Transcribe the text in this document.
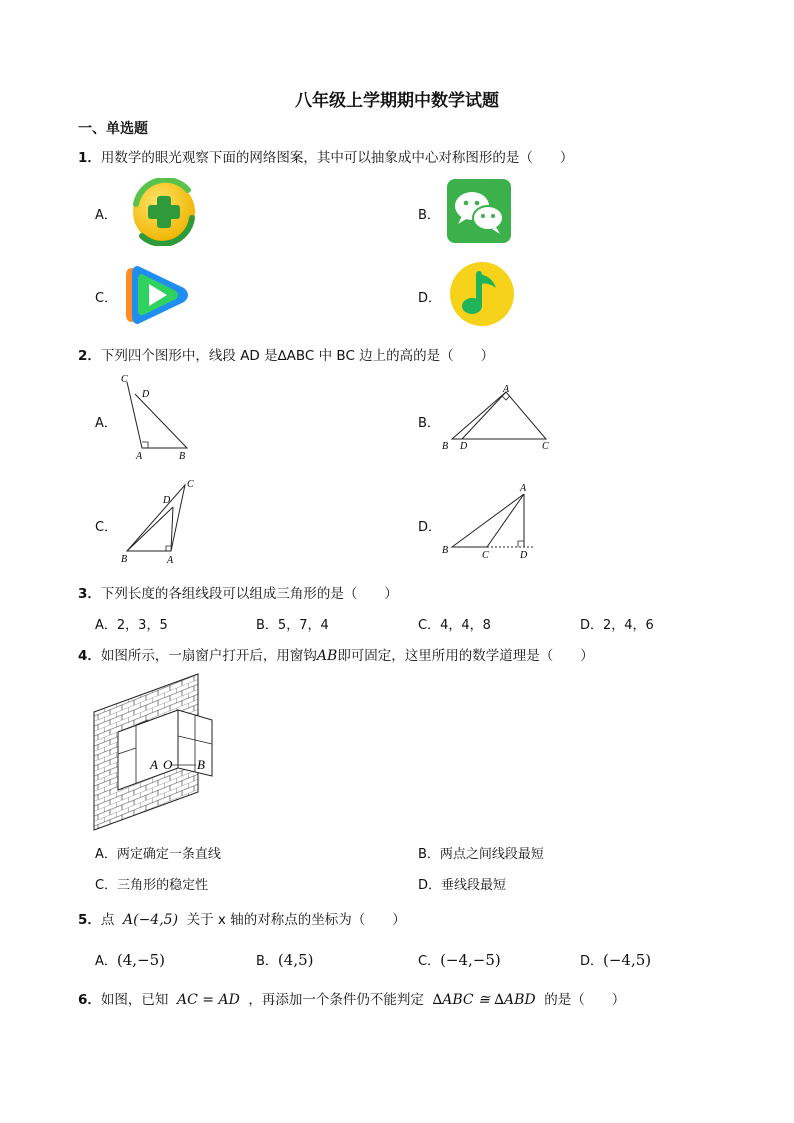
八年级上学期期中数学试题
一、单选题
1．用数学的眼光观察下面的网络图案，其中可以抽象成中心对称图形的是（　　）
A．	B．
C．	D．
2．下列四个图形中，线段 AD 是∆ABC 中 BC 边上的高的是（　　）
A．
C
D
A	B
B．
A
B D	C
C．
C
D
B	A
D．
A
B	C	D
3．下列长度的各组线段可以组成三角形的是（　　）
A．2，3，5	B．5，7，4	C．4，4，8	D．2，4，6
4．如图所示，一扇窗户打开后，用窗钩AB即可固定，这里所用的数学道理是（　　）
A O B
A．两定确定一条直线	B．两点之间线段最短
C．三角形的稳定性	D．垂线段最短
5．点 A(−4,5) 关于 x 轴的对称点的坐标为（　　）
A．(4,−5)	B．(4,5)	C．(−4,−5)	D．(−4,5)
6．如图，已知 AC = AD ，再添加一个条件仍不能判定 ∆ABC ≅ ∆ABD 的是（　　）
